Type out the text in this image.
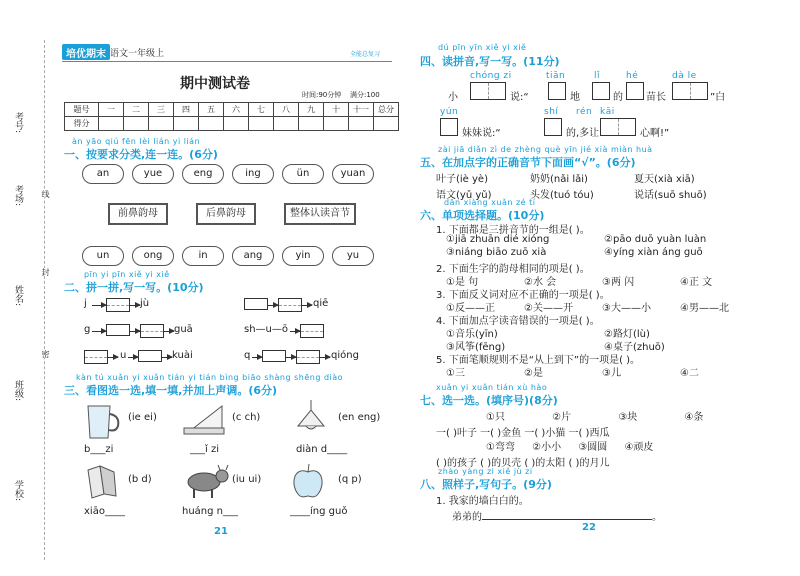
考号:
考场:
姓名:
班级:
学校:
线
封
密
培优期末 语文一年级上	全能总复习
期中测试卷
时间:90分钟 满分:100
题号	一	二	三	四	五	六	七	八	九	十	十一	总分
得分												
àn yāo qiú fēn lèi lián yi lián
一、按要求分类,连一连。(6分)
an	yue	eng	ing	ün	yuan
前鼻韵母	后鼻韵母	整体认读音节
un	ong	in	ang	yin	yu
pīn yi pīn xiě yi xiě
二、拼一拼,写一写。(10分)
j	jù	qiē
g	guā	sh—u—ō
u	kuài	q	qióng
kàn tú xuǎn yi xuǎn tián yi tián bìng biāo shàng shēng diào
三、看图选一选,填一填,并加上声调。(6分)
(ie ei)	(c ch)	(en eng)
b___zi	___ǐ zi	diàn d____
(b d)	(iu ui)	(q p)
xiāo____	huáng n___	____íng guǒ
21
dú pīn yīn xiě yi xiě
四、读拼音,写一写。(11分)
chóng zi	tiān	lǐ	hé	dà le
小	说:“	地	的 苗长	”白
yún	shí rén kāi
妹妹说:“	的,多让	心啊!”
zài jiā diǎn zì de zhèng què yīn jié xià miàn huà
五、在加点字的正确音节下面画“√”。(6分)
叶子(iè yè)	奶奶(nǎi lǎi)	夏天(xià xiā)
语文(yǔ yǔ)	头发(tuó tóu)	说话(suō shuō)
dān xiàng xuǎn zé tí
六、单项选择题。(10分)
1. 下面都是三拼音节的一组是( )。
①jiā zhuān dié xióng	②pāo duō yuàn luàn
③niáng biāo zuō xià	④yíng xiàn áng guō
2. 下面生字的韵母相同的项是( )。
①是 句	②水 会	③两 闪	④正 文
3. 下面反义词对应不正确的一项是( )。
①反——正	②关——开	③大——小	④男——北
4. 下面加点字读音错误的一项是( )。
①音乐(yīn)	②路灯(lù)
③风筝(fēng)	④桌子(zhuō)
5. 下面笔顺规则不是“从上到下”的一项是( )。
①三	②是	③儿	④二
xuǎn yi xuǎn tián xù hào
七、选一选。(填序号)(8分)
①只	②片	③块	④条
一( )叶子 一( )金鱼 一( )小猫 一( )西瓜
①弯弯 ②小小 ③圆圆 ④顽皮
( )的孩子 ( )的贝壳 ( )的太阳 ( )的月儿
zhào yàng zi xiě jù zi
八、照样子,写句子。(9分)
1. 我家的墙白白的。
弟弟的	。
22
